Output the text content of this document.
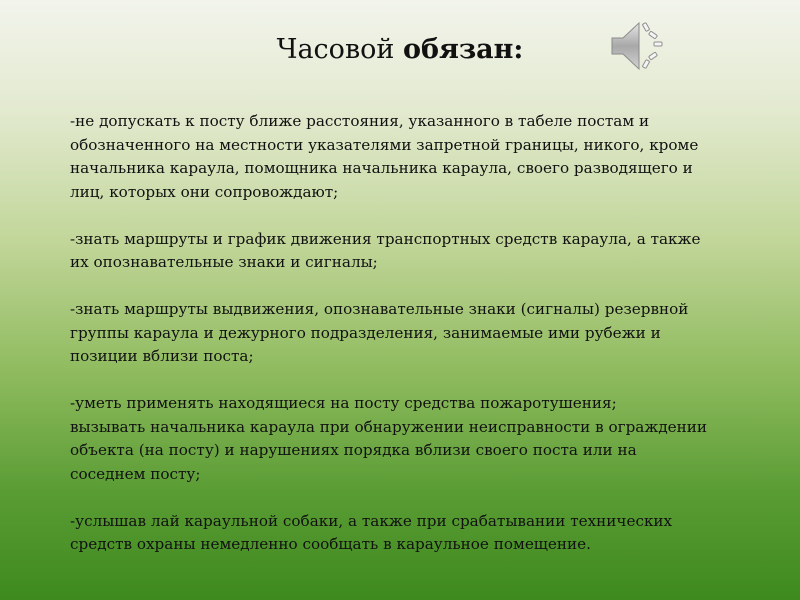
Часовой обязан:

-не допускать к посту ближе расстояния, указанного в табеле постам и
обозначенного на местности указателями запретной границы, никого, кроме
начальника караула, помощника начальника караула, своего разводящего и
лиц, которых они сопровождают;

-знать маршруты и график движения транспортных средств караула, а также
их опознавательные знаки и сигналы;

-знать маршруты выдвижения, опознавательные знаки (сигналы) резервной
группы караула и дежурного подразделения, занимаемые ими рубежи и
позиции вблизи поста;

-уметь применять находящиеся на посту средства пожаротушения;
вызывать начальника караула при обнаружении неисправности в ограждении
объекта (на посту) и нарушениях порядка вблизи своего поста или на
соседнем посту;

-услышав лай караульной собаки, а также при срабатывании технических
средств охраны немедленно сообщать в караульное помещение.
